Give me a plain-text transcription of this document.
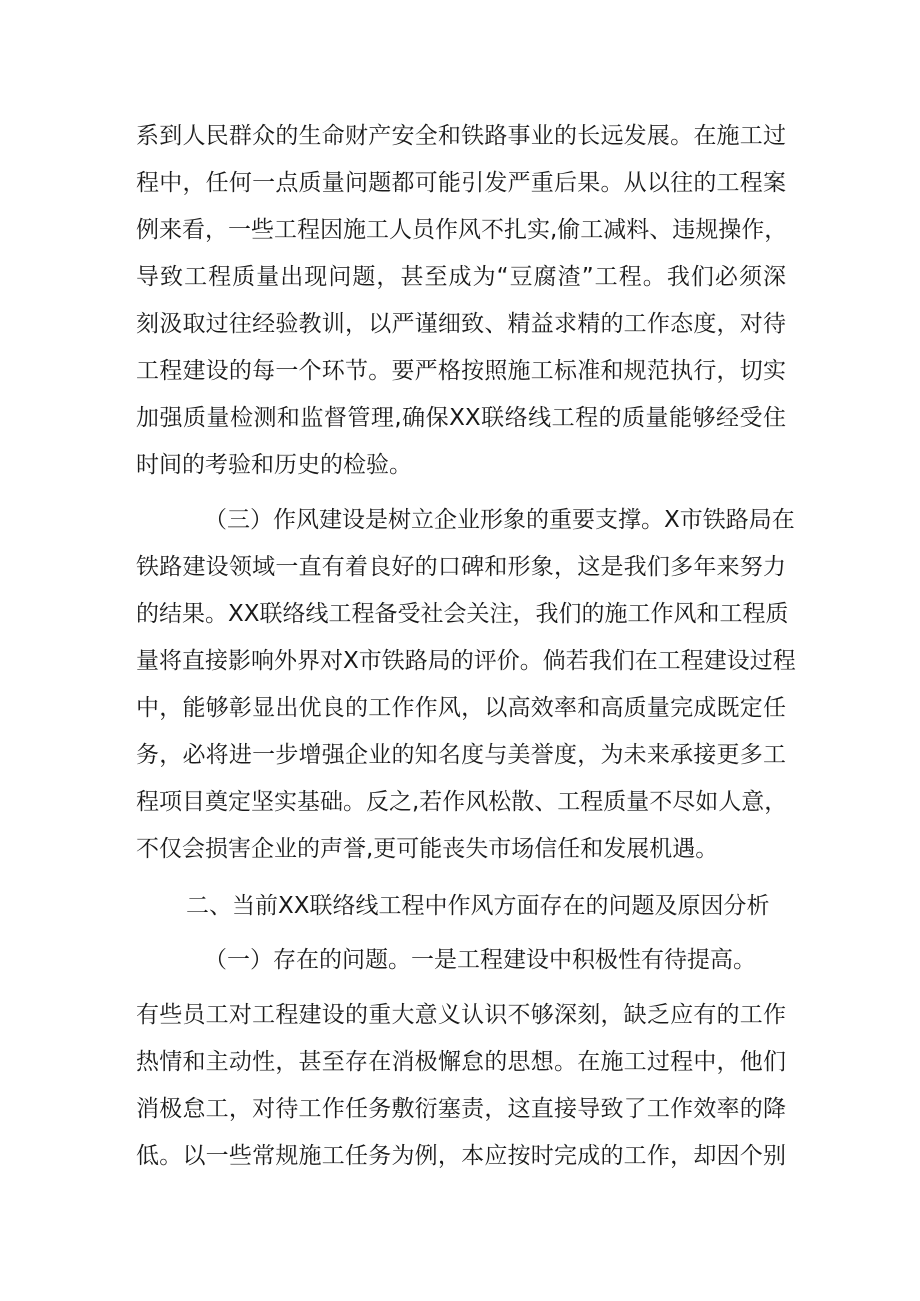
系到人民群众的生命财产安全和铁路事业的长远发展。在施工过
程中，任何一点质量问题都可能引发严重后果。从以往的工程案
例来看，一些工程因施工人员作风不扎实,偷工减料、违规操作，
导致工程质量出现问题，甚至成为“豆腐渣”工程。我们必须深
刻汲取过往经验教训，以严谨细致、精益求精的工作态度，对待
工程建设的每一个环节。要严格按照施工标准和规范执行，切实
加强质量检测和监督管理,确保XX联络线工程的质量能够经受住
时间的考验和历史的检验。
（三）作风建设是树立企业形象的重要支撑。X市铁路局在
铁路建设领域一直有着良好的口碑和形象，这是我们多年来努力
的结果。XX联络线工程备受社会关注，我们的施工作风和工程质
量将直接影响外界对X市铁路局的评价。倘若我们在工程建设过程
中，能够彰显出优良的工作作风，以高效率和高质量完成既定任
务，必将进一步增强企业的知名度与美誉度，为未来承接更多工
程项目奠定坚实基础。反之,若作风松散、工程质量不尽如人意，
不仅会损害企业的声誉,更可能丧失市场信任和发展机遇。
二、当前XX联络线工程中作风方面存在的问题及原因分析
（一）存在的问题。一是工程建设中积极性有待提高。
有些员工对工程建设的重大意义认识不够深刻，缺乏应有的工作
热情和主动性，甚至存在消极懈怠的思想。在施工过程中，他们
消极怠工，对待工作任务敷衍塞责，这直接导致了工作效率的降
低。以一些常规施工任务为例，本应按时完成的工作，却因个别
